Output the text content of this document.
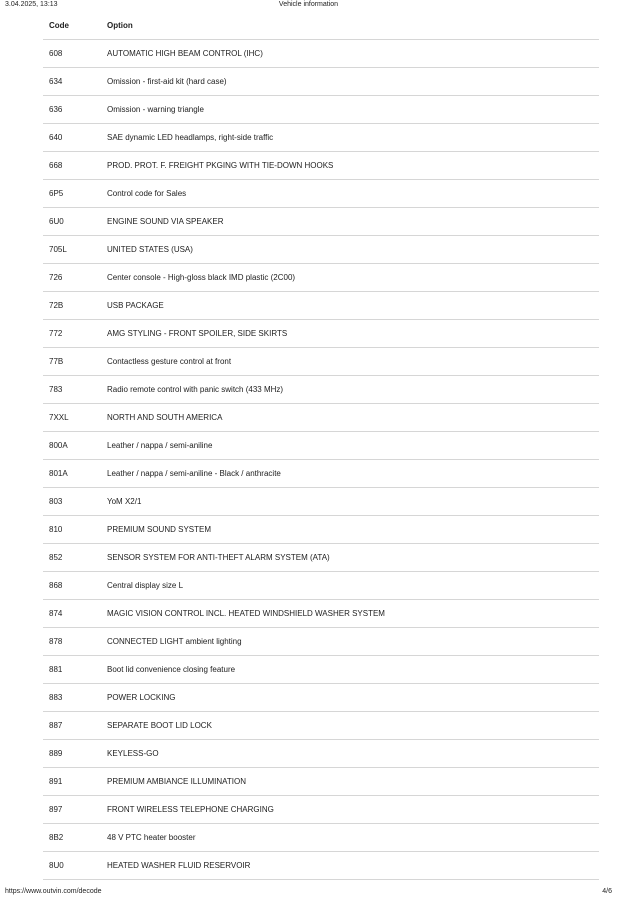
3.04.2025, 13:13	Vehicle information
Code	Option
608	AUTOMATIC HIGH BEAM CONTROL (IHC)
634	Omission - first-aid kit (hard case)
636	Omission - warning triangle
640	SAE dynamic LED headlamps, right-side traffic
668	PROD. PROT. F. FREIGHT PKGING WITH TIE-DOWN HOOKS
6P5	Control code for Sales
6U0	ENGINE SOUND VIA SPEAKER
705L	UNITED STATES (USA)
726	Center console - High-gloss black IMD plastic (2C00)
72B	USB PACKAGE
772	AMG STYLING - FRONT SPOILER, SIDE SKIRTS
77B	Contactless gesture control at front
783	Radio remote control with panic switch (433 MHz)
7XXL	NORTH AND SOUTH AMERICA
800A	Leather / nappa / semi-aniline
801A	Leather / nappa / semi-aniline - Black / anthracite
803	YoM X2/1
810	PREMIUM SOUND SYSTEM
852	SENSOR SYSTEM FOR ANTI-THEFT ALARM SYSTEM (ATA)
868	Central display size L
874	MAGIC VISION CONTROL INCL. HEATED WINDSHIELD WASHER SYSTEM
878	CONNECTED LIGHT ambient lighting
881	Boot lid convenience closing feature
883	POWER LOCKING
887	SEPARATE BOOT LID LOCK
889	KEYLESS-GO
891	PREMIUM AMBIANCE ILLUMINATION
897	FRONT WIRELESS TELEPHONE CHARGING
8B2	48 V PTC heater booster
8U0	HEATED WASHER FLUID RESERVOIR
https://www.outvin.com/decode	4/6
